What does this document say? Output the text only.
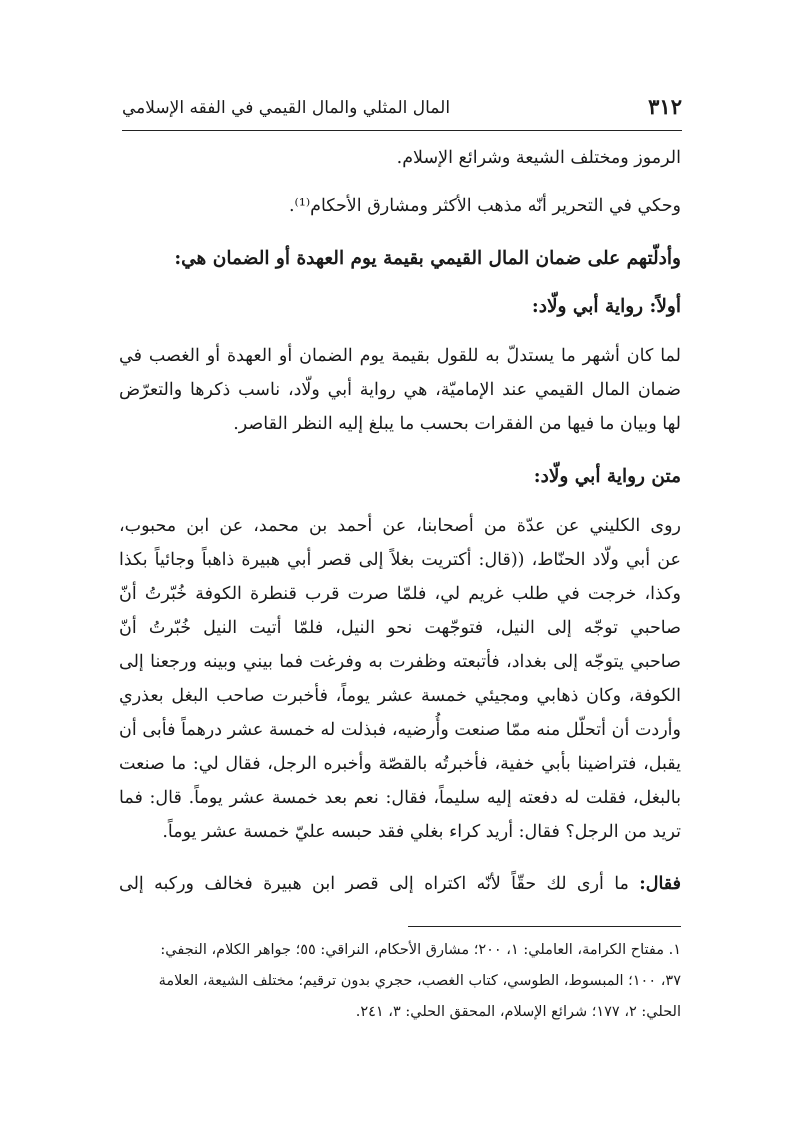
٣١٢
المال المثلي والمال القيمي في الفقه الإسلامي
الرموز ومختلف الشيعة وشرائع الإسلام.
وحكي في التحرير أنّه مذهب الأكثر ومشارق الأحكام⁽¹⁾.
وأدلّتهم على ضمان المال القيمي بقيمة يوم العهدة أو الضمان هي:
أولاً: رواية أبي ولّاد:
لما كان أشهر ما يستدلّ به للقول بقيمة يوم الضمان أو العهدة أو الغصب في
ضمان المال القيمي عند الإماميّة، هي رواية أبي ولّاد، ناسب ذكرها والتعرّض
لها وبيان ما فيها من الفقرات بحسب ما يبلغ إليه النظر القاصر.
متن رواية أبي ولّاد:
روى الكليني عن عدّة من أصحابنا، عن أحمد بن محمد، عن ابن محبوب،
عن أبي ولّاد الحنّاط، ((قال: أكتريت بغلاً إلى قصر أبي هبيرة ذاهباً وجائياً بكذا
وكذا، خرجت في طلب غريم لي، فلمّا صرت قرب قنطرة الكوفة خُبّرتُ أنّ
صاحبي توجّه إلى النيل، فتوجّهت نحو النيل، فلمّا أتيت النيل خُبّرتُ أنّ
صاحبي يتوجّه إلى بغداد، فأتبعته وظفرت به وفرغت فما بيني وبينه ورجعنا إلى
الكوفة، وكان ذهابي ومجيئي خمسة عشر يوماً، فأخبرت صاحب البغل بعذري
وأردت أن أتحلّل منه ممّا صنعت وأُرضيه، فبذلت له خمسة عشر درهماً فأبى أن
يقبل، فتراضينا بأبي خفية، فأخبرتُه بالقصّة وأخبره الرجل، فقال لي: ما صنعت
بالبغل، فقلت له دفعته إليه سليماً، فقال: نعم بعد خمسة عشر يوماً. قال: فما
تريد من الرجل؟ فقال: أريد كراء بغلي فقد حبسه عليّ خمسة عشر يوماً.
فقال: ما أرى لك حقّاً لأنّه اكتراه إلى قصر ابن هبيرة فخالف وركبه إلى
١. مفتاح الكرامة، العاملي: ١، ٢٠٠؛ مشارق الأحكام، النراقي: ٥٥؛ جواهر الكلام، النجفي:
٣٧، ١٠٠؛ المبسوط، الطوسي، كتاب الغصب، حجري بدون ترقيم؛ مختلف الشيعة، العلامة
الحلي: ٢، ١٧٧؛ شرائع الإسلام، المحقق الحلي: ٣، ٢٤١.
